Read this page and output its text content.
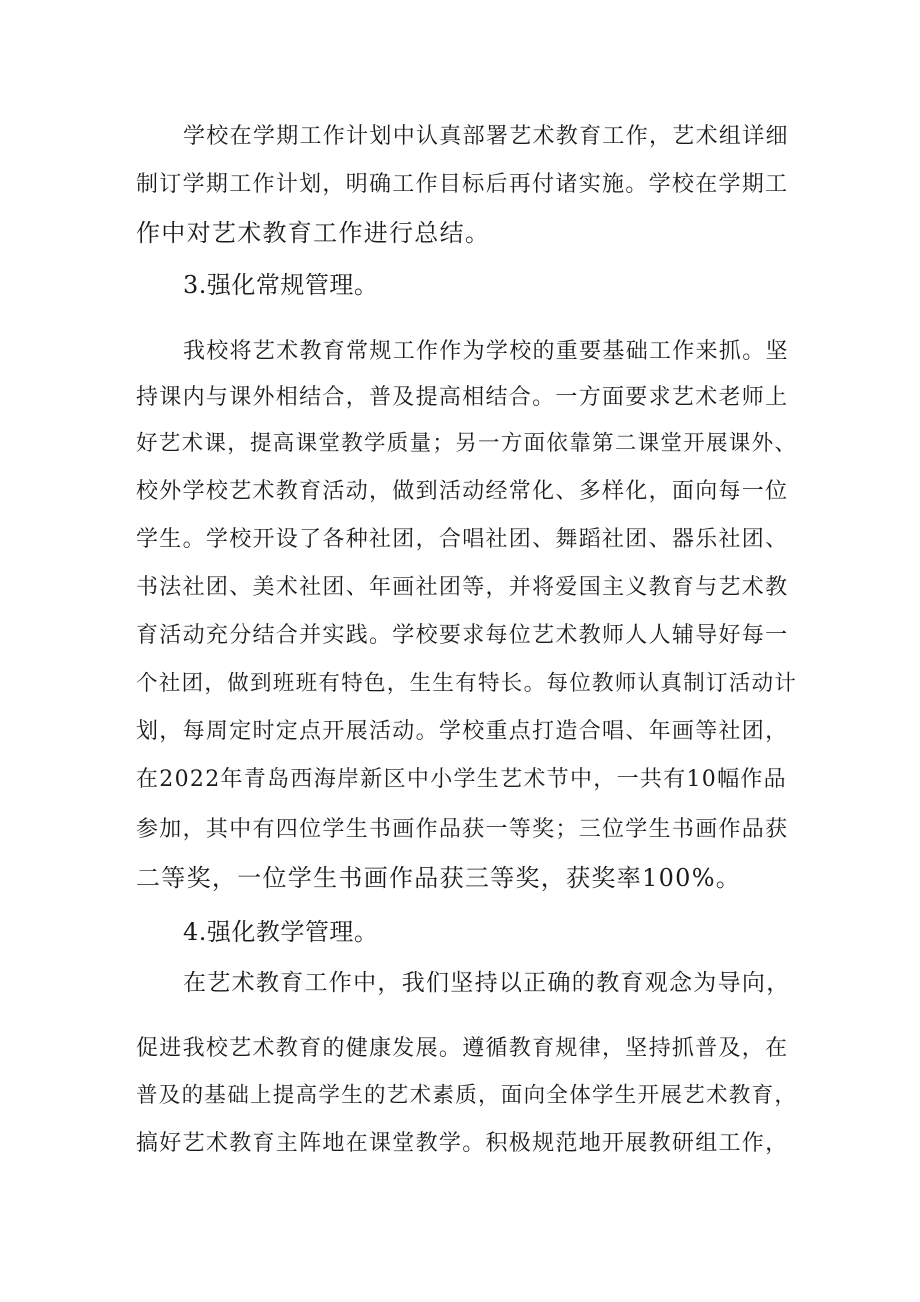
学校在学期工作计划中认真部署艺术教育工作，艺术组详细
制订学期工作计划，明确工作目标后再付诸实施。学校在学期工
作中对艺术教育工作进行总结。
3.强化常规管理。
我校将艺术教育常规工作作为学校的重要基础工作来抓。坚
持课内与课外相结合，普及提高相结合。一方面要求艺术老师上
好艺术课，提高课堂教学质量；另一方面依靠第二课堂开展课外、
校外学校艺术教育活动，做到活动经常化、多样化，面向每一位
学生。学校开设了各种社团，合唱社团、舞蹈社团、器乐社团、
书法社团、美术社团、年画社团等，并将爱国主义教育与艺术教
育活动充分结合并实践。学校要求每位艺术教师人人辅导好每一
个社团，做到班班有特色，生生有特长。每位教师认真制订活动计
划，每周定时定点开展活动。学校重点打造合唱、年画等社团，
在2022年青岛西海岸新区中小学生艺术节中，一共有10幅作品
参加，其中有四位学生书画作品获一等奖；三位学生书画作品获
二等奖，一位学生书画作品获三等奖，获奖率100%。
4.强化教学管理。
在艺术教育工作中，我们坚持以正确的教育观念为导向，
促进我校艺术教育的健康发展。遵循教育规律，坚持抓普及，在
普及的基础上提高学生的艺术素质，面向全体学生开展艺术教育，
搞好艺术教育主阵地在课堂教学。积极规范地开展教研组工作，
